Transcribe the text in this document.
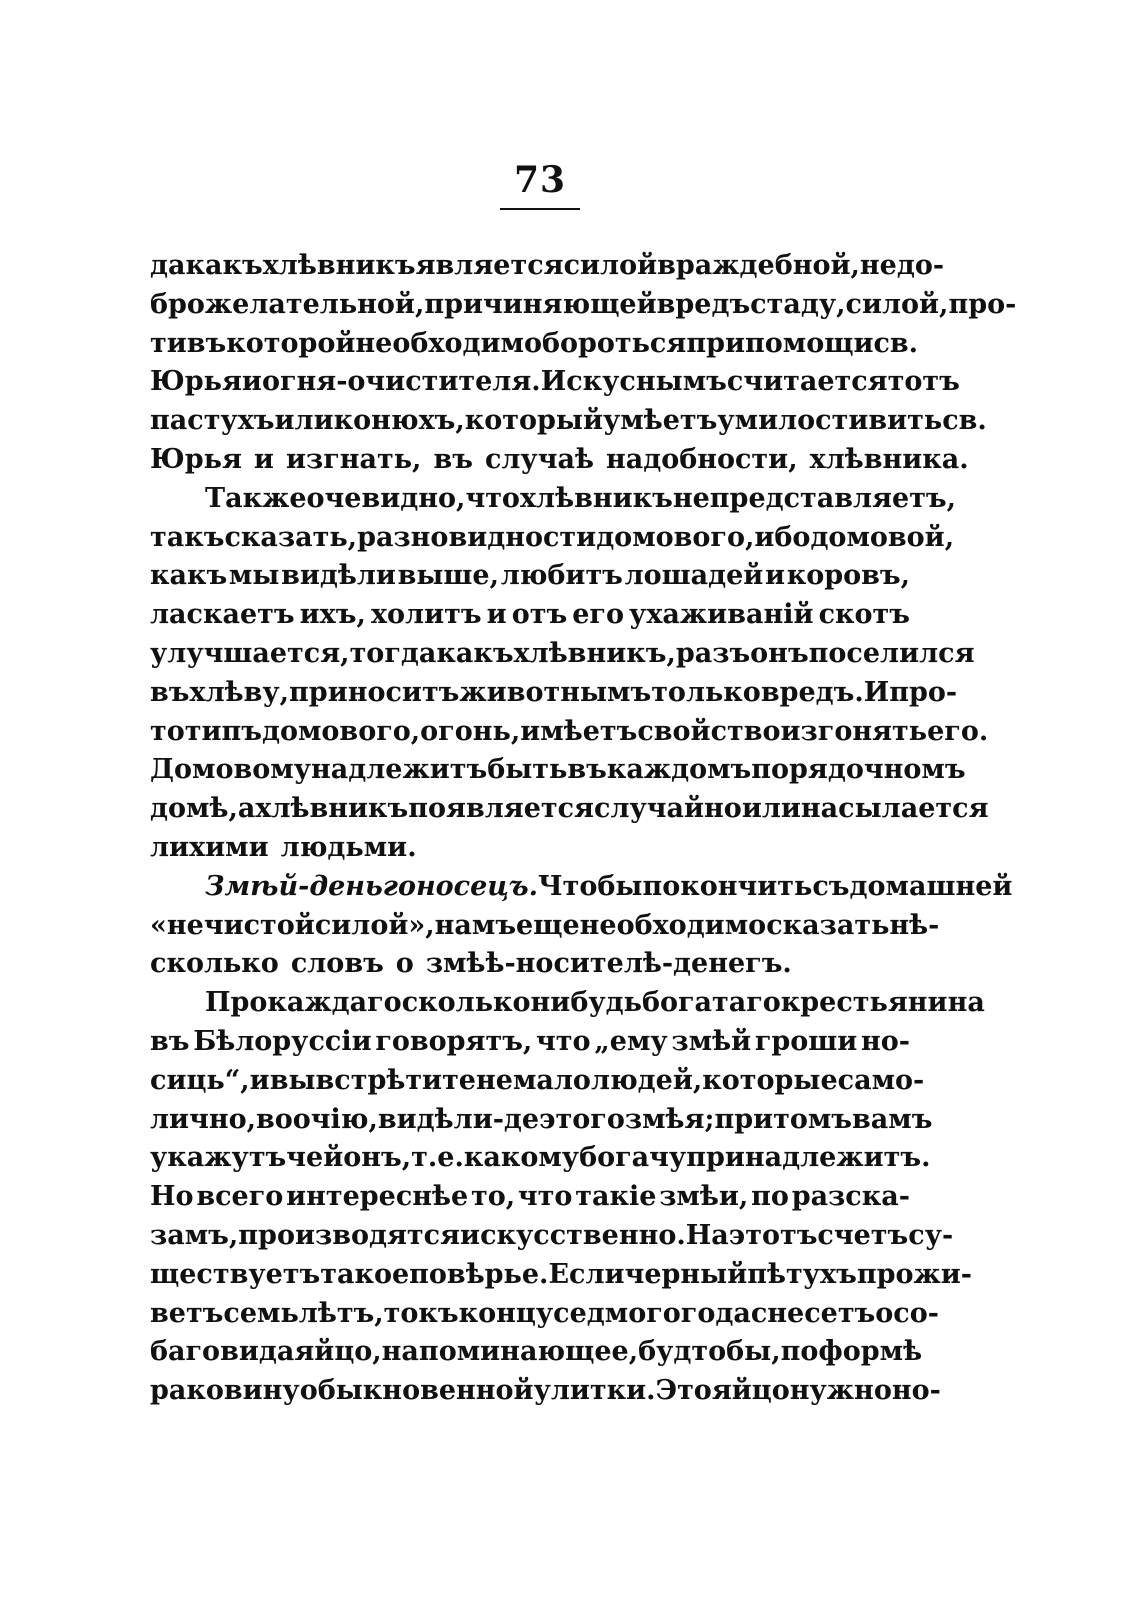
73
да какъ хлѣвникъ является силой враждебной, недо-
брожелательной, причиняющей вредъ стаду, силой, про-
тивъ которой необходимо бороться при помощи св.
Юрья и огня-очистителя. Искуснымъ считается тотъ
пастухъ или конюхъ, который умѣетъ умилостивить св.
Юрья и изгнать, въ случаѣ надобности, хлѣвника.
Также очевидно, что хлѣвникъ не представляетъ,
такъ сказать, разновидности домового, ибо домовой,
какъ мы видѣли выше, любитъ лошадей и коровъ,
ласкаетъ ихъ, холитъ и отъ его ухаживаній скотъ
улучшается, тогда какъ хлѣвникъ, разъ онъ поселился
въ хлѣву, приноситъ животнымъ только вредъ. И про-
тотипъ домового, огонь, имѣетъ свойство изгонять его.
Домовому надлежитъ быть въ каждомъ порядочномъ
домѣ, а хлѣвникъ появляется случайно или насылается
лихими людьми.
Змѣй-деньгоносецъ. Чтобы покончить съ домашней
«нечистой силой», намъ еще необходимо сказать нѣ-
сколько словъ о змѣѣ-носителѣ-денегъ.
Про каждаго сколько нибудь богатаго крестьянина
въ Бѣлоруссіи говорятъ, что „ему змѣй гроши но-
сиць“, и вы встрѣтите немало людей, которые само-
лично, воочію, видѣли-де этого змѣя; при томъ вамъ
укажутъ чей онъ, т. е. какому богачу принадлежитъ.
Но всего интереснѣе то, что такіе змѣи, по разска-
замъ, производятся искусственно. На этотъ счетъ су-
ществуетъ такое повѣрье. Если черный пѣтухъ прожи-
ветъ семь лѣтъ, то къ концу седмого года снесетъ осо-
баго вида яйцо, напоминающее, будто бы, по формѣ
раковину обыкновенной улитки. Это яйцо нужно но-
